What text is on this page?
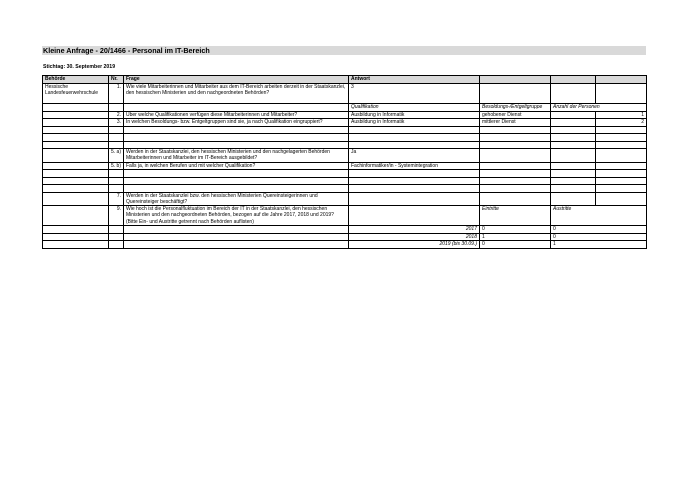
Kleine Anfrage - 20/1466 - Personal im IT-Bereich
Stichtag: 30. September 2019
Behörde	Nr.	Frage	Antwort			
Hessische Landesfeuerwehrschule	1.	Wie viele Mitarbeiterinnen und Mitarbeiter aus dem IT-Bereich arbeiten derzeit in der Staatskanzlei, den hessischen Ministerien und den nachgeordneten Behörden?	3			
			Qualifikation	Besoldungs-/Entgeltgruppe	Anzahl der Personen	
	2.	Über welche Qualifikationen verfügen diese Mitarbeiterinnen und Mitarbeiter?	Ausbildung in Informatik	gehobener Dienst		1
	3.	In welchen Besoldungs- bzw. Entgeltgruppen sind sie, ja nach Qualifikation eingruppiert?	Ausbildung in Informatik	mittlerer Dienst		2

	5. a)	Werden in der Staatskanzlei, den hessischen Ministerien und den nachgelagerten Behörden Mitarbeiterinnen und Mitarbeiter im IT-Bereich ausgebildet?	Ja			
	5. b)	Falls ja, in welchen Berufen und mit welcher Qualifikation?	Fachinformatiker/in - Systemintegration			

	7.	Werden in der Staatskanzlei bzw. den hessischen Ministerien Quereinsteigerinnen und Quereinsteiger beschäftigt?				
	9.	Wie hoch ist die Personalfluktuation im Bereich der IT in der Staatskanzlei, den hessischen Ministerien und den nachgeordneten Behörden, bezogen auf die Jahre 2017, 2018 und 2019? (Bitte Ein- und Austritte getrennt nach Behörden auflisten)		Eintritte	Austritte	
			2017	0	0	
			2018	1	0	
			2019 (bis 30.09.)	0	1	
